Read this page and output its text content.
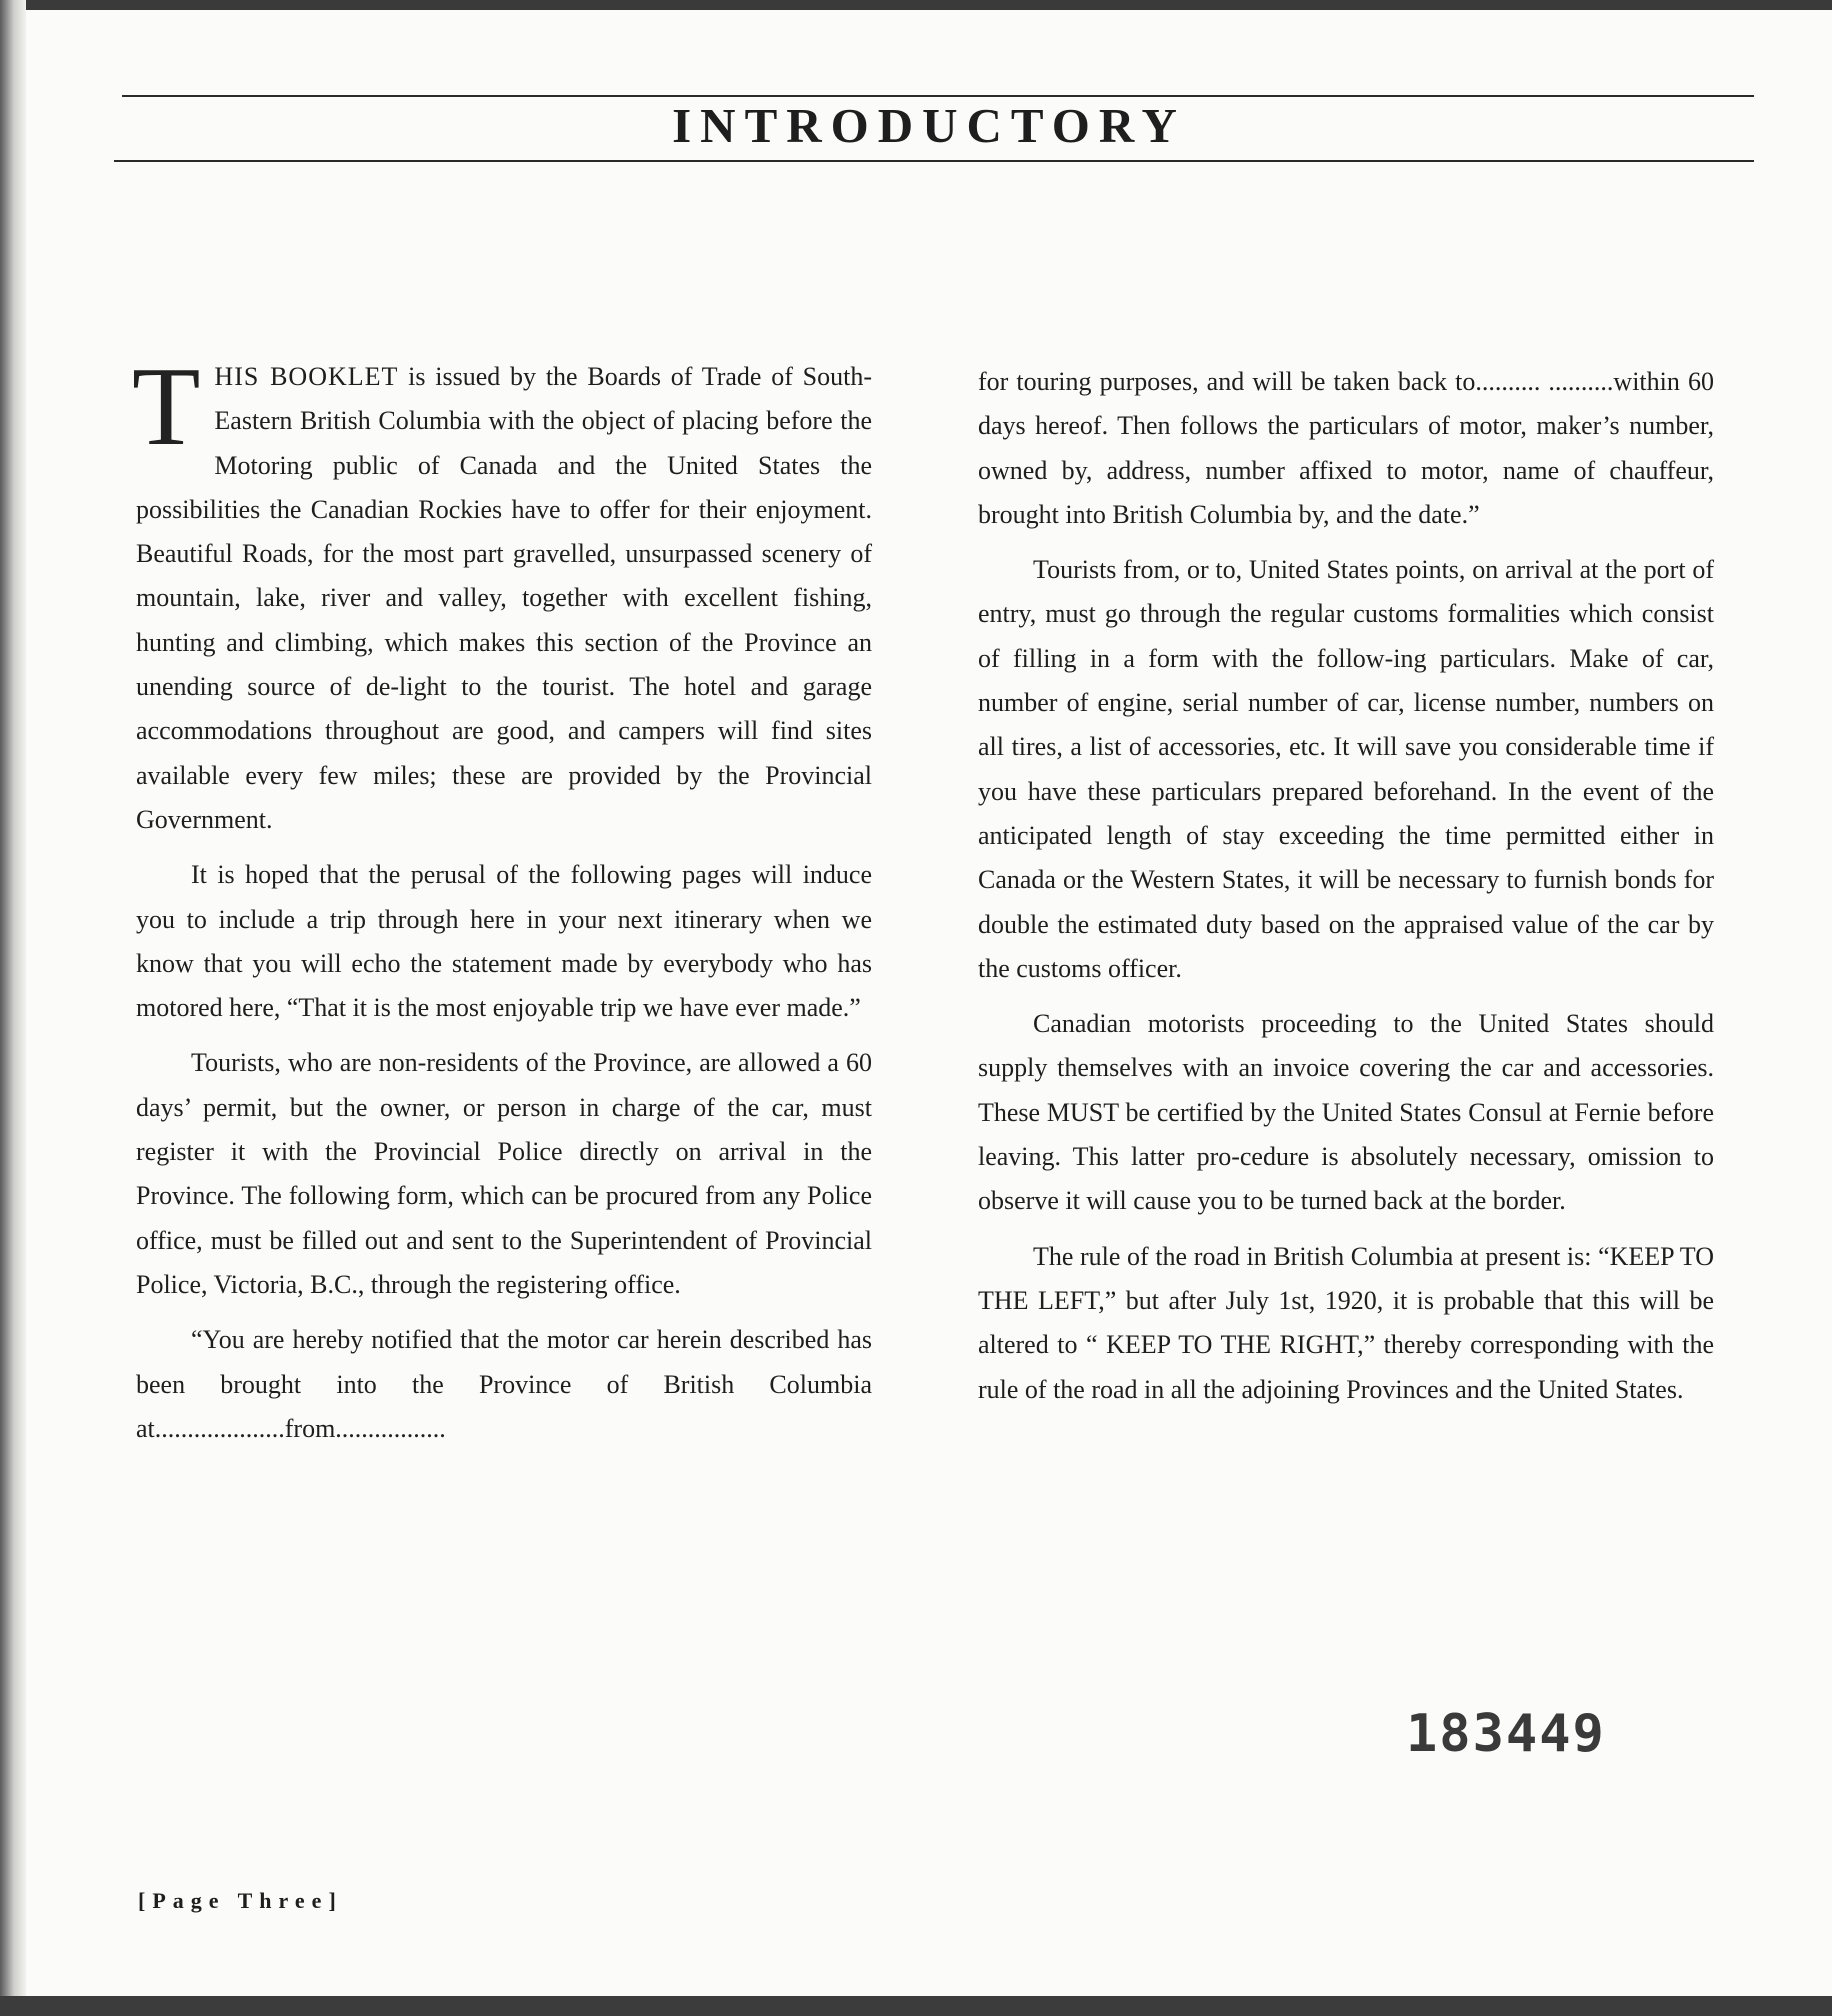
INTRODUCTORY

THIS BOOKLET is issued by the Boards of Trade of South-Eastern British Columbia with the object of placing before the Motoring public of Canada and the United States the possibilities the Canadian Rockies have to offer for their enjoyment. Beautiful Roads, for the most part gravelled, unsurpassed scenery of mountain, lake, river and valley, together with excellent fishing, hunting and climbing, which makes this section of the Province an unending source of de-light to the tourist. The hotel and garage accommodations throughout are good, and campers will find sites available every few miles; these are provided by the Provincial Government.

It is hoped that the perusal of the following pages will induce you to include a trip through here in your next itinerary when we know that you will echo the statement made by everybody who has motored here, “That it is the most enjoyable trip we have ever made.”

Tourists, who are non-residents of the Province, are allowed a 60 days’ permit, but the owner, or person in charge of the car, must register it with the Provincial Police directly on arrival in the Province. The following form, which can be procured from any Police office, must be filled out and sent to the Superintendent of Provincial Police, Victoria, B.C., through the registering office.

“You are hereby notified that the motor car herein described has been brought into the Province of British Columbia at....................from.................

for touring purposes, and will be taken back to.......... ..........within 60 days hereof. Then follows the particulars of motor, maker’s number, owned by, address, number affixed to motor, name of chauffeur, brought into British Columbia by, and the date.”

Tourists from, or to, United States points, on arrival at the port of entry, must go through the regular customs formalities which consist of filling in a form with the follow-ing particulars. Make of car, number of engine, serial number of car, license number, numbers on all tires, a list of accessories, etc. It will save you considerable time if you have these particulars prepared beforehand. In the event of the anticipated length of stay exceeding the time permitted either in Canada or the Western States, it will be necessary to furnish bonds for double the estimated duty based on the appraised value of the car by the customs officer.

Canadian motorists proceeding to the United States should supply themselves with an invoice covering the car and accessories. These MUST be certified by the United States Consul at Fernie before leaving. This latter pro-cedure is absolutely necessary, omission to observe it will cause you to be turned back at the border.

The rule of the road in British Columbia at present is: “KEEP TO THE LEFT,” but after July 1st, 1920, it is probable that this will be altered to “ KEEP TO THE RIGHT,” thereby corresponding with the rule of the road in all the adjoining Provinces and the United States.

183449
[Page Three]
